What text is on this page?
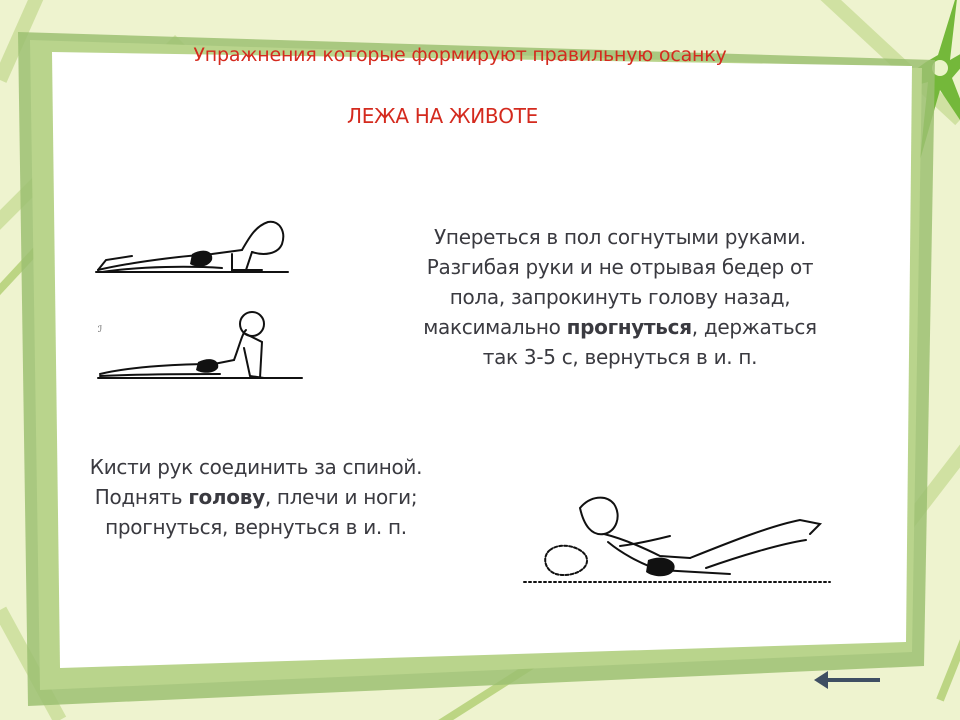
Упражнения которые формируют правильную осанку
ЛЕЖА НА ЖИВОТЕ
ℐ
Упереться в пол согнутыми руками.
Разгибая руки и не отрывая бедер от
пола, запрокинуть голову назад,
максимально прогнуться, держаться
так 3-5 с, вернуться в и. п.
Кисти рук соединить за спиной.
Поднять голову, плечи и ноги;
прогнуться, вернуться в и. п.
